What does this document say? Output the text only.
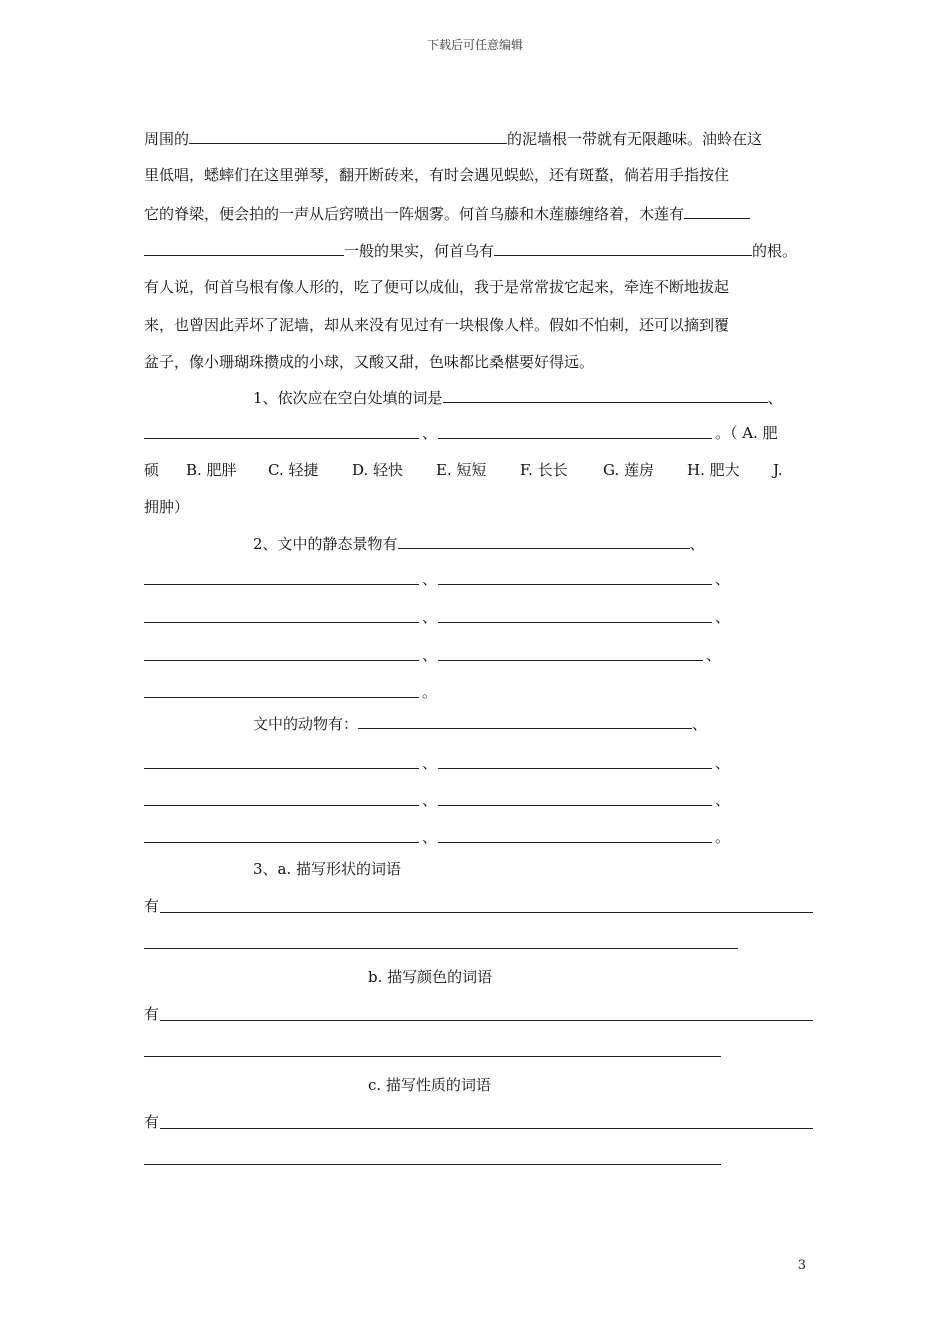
下载后可任意编辑
周围的	的泥墙根一带就有无限趣味。油蛉在这
里低唱，蟋蟀们在这里弹琴，翻开断砖来，有时会遇见蜈蚣，还有斑蝥，倘若用手指按住
它的脊梁，便会拍的一声从后窍喷出一阵烟雾。何首乌藤和木莲藤缠络着，木莲有
一般的果实，何首乌有	的根。
有人说，何首乌根有像人形的，吃了便可以成仙，我于是常常拔它起来，牵连不断地拔起
来，也曾因此弄坏了泥墙，却从来没有见过有一块根像人样。假如不怕刺，还可以摘到覆
盆子，像小珊瑚珠攒成的小球，又酸又甜，色味都比桑椹要好得远。
1、依次应在空白处填的词是	、
、	。（ A. 肥
硕 B. 肥胖 C. 轻捷 D. 轻快 E. 短短 F. 长长 G. 莲房 H. 肥大 J.
拥肿）
2、文中的静态景物有	、
、	、
、	、
、	、
。
文中的动物有：	、
、	、
、	、
、	。
3、a. 描写形状的词语
有
b. 描写颜色的词语
有
c. 描写性质的词语
有
3
